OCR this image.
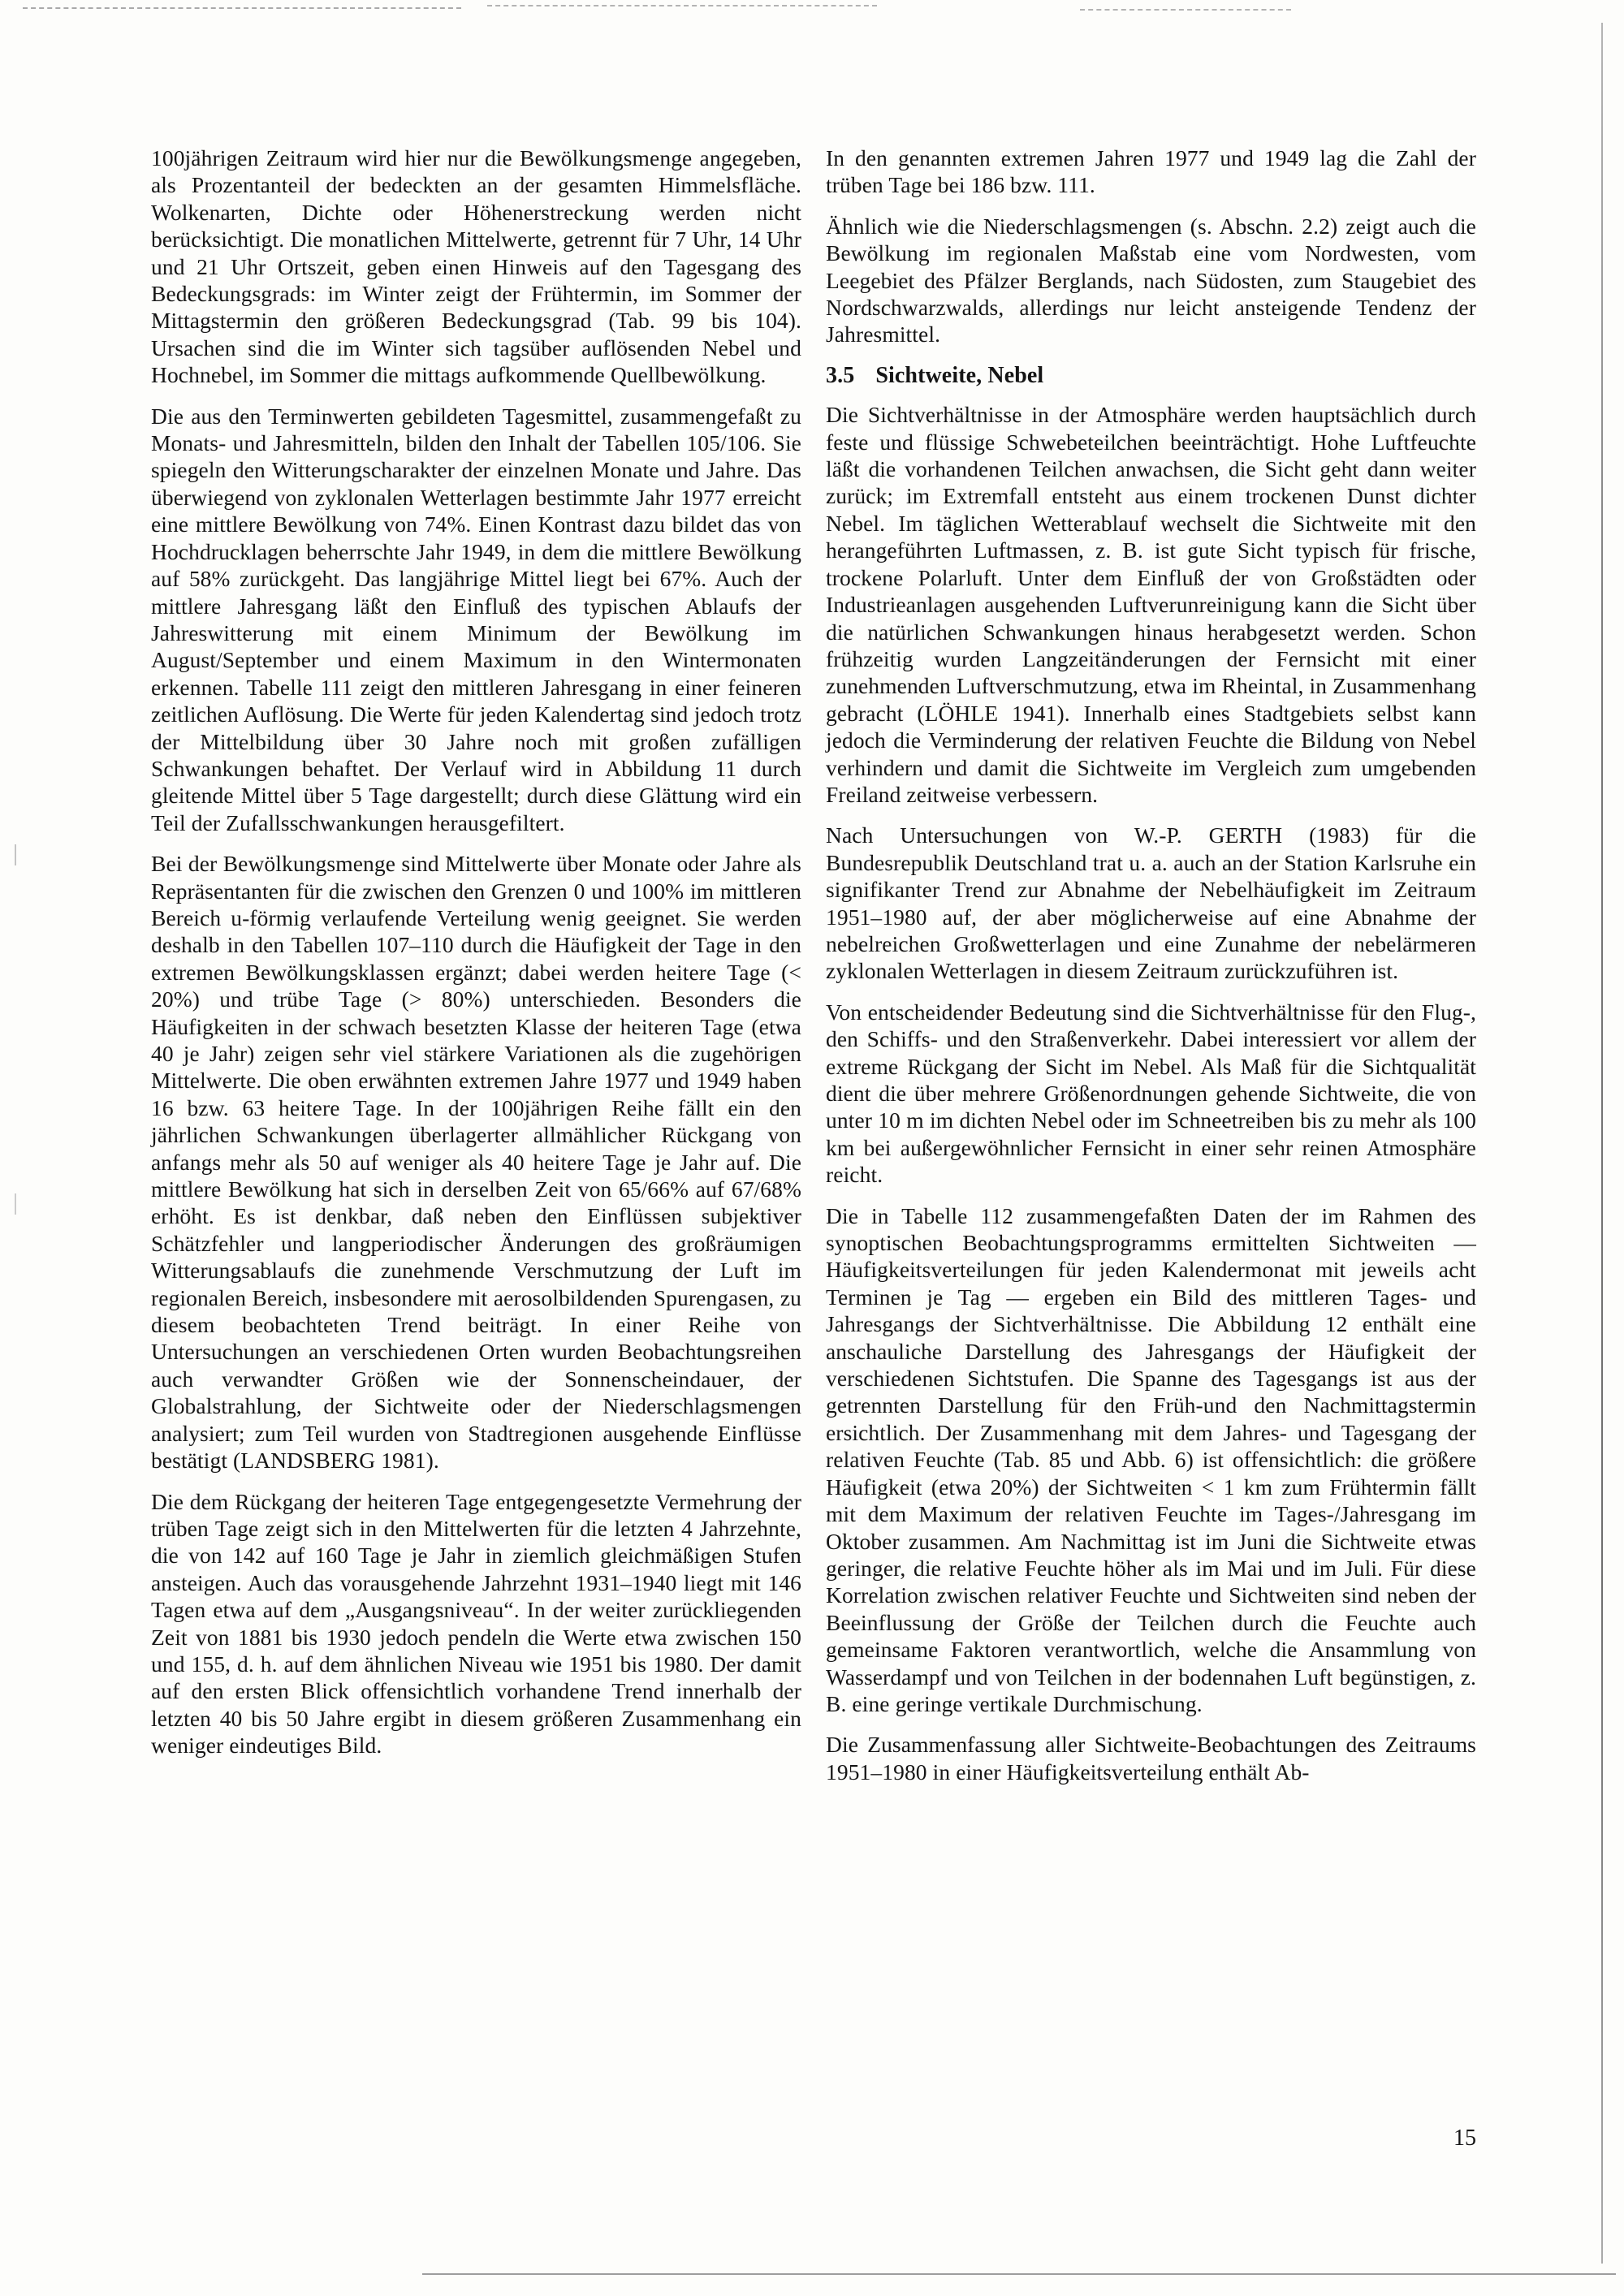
100jährigen Zeitraum wird hier nur die Bewölkungsmenge angegeben, als Prozentanteil der bedeckten an der gesamten Himmelsfläche. Wolkenarten, Dichte oder Höhenerstreckung werden nicht berücksichtigt. Die monatlichen Mittelwerte, getrennt für 7 Uhr, 14 Uhr und 21 Uhr Ortszeit, geben einen Hinweis auf den Tagesgang des Bedeckungsgrads: im Winter zeigt der Frühtermin, im Sommer der Mittagstermin den größeren Bedeckungsgrad (Tab. 99 bis 104). Ursachen sind die im Winter sich tagsüber auflösenden Nebel und Hochnebel, im Sommer die mittags aufkommende Quellbewölkung.

Die aus den Terminwerten gebildeten Tagesmittel, zusammengefaßt zu Monats- und Jahresmitteln, bilden den Inhalt der Tabellen 105/106. Sie spiegeln den Witterungscharakter der einzelnen Monate und Jahre. Das überwiegend von zyklonalen Wetterlagen bestimmte Jahr 1977 erreicht eine mittlere Bewölkung von 74%. Einen Kontrast dazu bildet das von Hochdrucklagen beherrschte Jahr 1949, in dem die mittlere Bewölkung auf 58% zurückgeht. Das langjährige Mittel liegt bei 67%. Auch der mittlere Jahresgang läßt den Einfluß des typischen Ablaufs der Jahreswitterung mit einem Minimum der Bewölkung im August/September und einem Maximum in den Wintermonaten erkennen. Tabelle 111 zeigt den mittleren Jahresgang in einer feineren zeitlichen Auflösung. Die Werte für jeden Kalendertag sind jedoch trotz der Mittelbildung über 30 Jahre noch mit großen zufälligen Schwankungen behaftet. Der Verlauf wird in Abbildung 11 durch gleitende Mittel über 5 Tage dargestellt; durch diese Glättung wird ein Teil der Zufallsschwankungen herausgefiltert.

Bei der Bewölkungsmenge sind Mittelwerte über Monate oder Jahre als Repräsentanten für die zwischen den Grenzen 0 und 100% im mittleren Bereich u-förmig verlaufende Verteilung wenig geeignet. Sie werden deshalb in den Tabellen 107–110 durch die Häufigkeit der Tage in den extremen Bewölkungsklassen ergänzt; dabei werden heitere Tage (< 20%) und trübe Tage (> 80%) unterschieden. Besonders die Häufigkeiten in der schwach besetzten Klasse der heiteren Tage (etwa 40 je Jahr) zeigen sehr viel stärkere Variationen als die zugehörigen Mittelwerte. Die oben erwähnten extremen Jahre 1977 und 1949 haben 16 bzw. 63 heitere Tage. In der 100jährigen Reihe fällt ein den jährlichen Schwankungen überlagerter allmählicher Rückgang von anfangs mehr als 50 auf weniger als 40 heitere Tage je Jahr auf. Die mittlere Bewölkung hat sich in derselben Zeit von 65/66% auf 67/68% erhöht. Es ist denkbar, daß neben den Einflüssen subjektiver Schätzfehler und langperiodischer Änderungen des großräumigen Witterungsablaufs die zunehmende Verschmutzung der Luft im regionalen Bereich, insbesondere mit aerosolbildenden Spurengasen, zu diesem beobachteten Trend beiträgt. In einer Reihe von Untersuchungen an verschiedenen Orten wurden Beobachtungsreihen auch verwandter Größen wie der Sonnenscheindauer, der Globalstrahlung, der Sichtweite oder der Niederschlagsmengen analysiert; zum Teil wurden von Stadtregionen ausgehende Einflüsse bestätigt (LANDSBERG 1981).

Die dem Rückgang der heiteren Tage entgegengesetzte Vermehrung der trüben Tage zeigt sich in den Mittelwerten für die letzten 4 Jahrzehnte, die von 142 auf 160 Tage je Jahr in ziemlich gleichmäßigen Stufen ansteigen. Auch das vorausgehende Jahrzehnt 1931–1940 liegt mit 146 Tagen etwa auf dem „Ausgangsniveau“. In der weiter zurückliegenden Zeit von 1881 bis 1930 jedoch pendeln die Werte etwa zwischen 150 und 155, d. h. auf dem ähnlichen Niveau wie 1951 bis 1980. Der damit auf den ersten Blick offensichtlich vorhandene Trend innerhalb der letzten 40 bis 50 Jahre ergibt in diesem größeren Zusammenhang ein weniger eindeutiges Bild.

In den genannten extremen Jahren 1977 und 1949 lag die Zahl der trüben Tage bei 186 bzw. 111.

Ähnlich wie die Niederschlagsmengen (s. Abschn. 2.2) zeigt auch die Bewölkung im regionalen Maßstab eine vom Nordwesten, vom Leegebiet des Pfälzer Berglands, nach Südosten, zum Staugebiet des Nordschwarzwalds, allerdings nur leicht ansteigende Tendenz der Jahresmittel.

3.5 Sichtweite, Nebel

Die Sichtverhältnisse in der Atmosphäre werden hauptsächlich durch feste und flüssige Schwebeteilchen beeinträchtigt. Hohe Luftfeuchte läßt die vorhandenen Teilchen anwachsen, die Sicht geht dann weiter zurück; im Extremfall entsteht aus einem trockenen Dunst dichter Nebel. Im täglichen Wetterablauf wechselt die Sichtweite mit den herangeführten Luftmassen, z. B. ist gute Sicht typisch für frische, trockene Polarluft. Unter dem Einfluß der von Großstädten oder Industrieanlagen ausgehenden Luftverunreinigung kann die Sicht über die natürlichen Schwankungen hinaus herabgesetzt werden. Schon frühzeitig wurden Langzeitänderungen der Fernsicht mit einer zunehmenden Luftverschmutzung, etwa im Rheintal, in Zusammenhang gebracht (LÖHLE 1941). Innerhalb eines Stadtgebiets selbst kann jedoch die Verminderung der relativen Feuchte die Bildung von Nebel verhindern und damit die Sichtweite im Vergleich zum umgebenden Freiland zeitweise verbessern.

Nach Untersuchungen von W.-P. GERTH (1983) für die Bundesrepublik Deutschland trat u. a. auch an der Station Karlsruhe ein signifikanter Trend zur Abnahme der Nebelhäufigkeit im Zeitraum 1951–1980 auf, der aber möglicherweise auf eine Abnahme der nebelreichen Großwetterlagen und eine Zunahme der nebelärmeren zyklonalen Wetterlagen in diesem Zeitraum zurückzuführen ist.

Von entscheidender Bedeutung sind die Sichtverhältnisse für den Flug-, den Schiffs- und den Straßenverkehr. Dabei interessiert vor allem der extreme Rückgang der Sicht im Nebel. Als Maß für die Sichtqualität dient die über mehrere Größenordnungen gehende Sichtweite, die von unter 10 m im dichten Nebel oder im Schneetreiben bis zu mehr als 100 km bei außergewöhnlicher Fernsicht in einer sehr reinen Atmosphäre reicht.

Die in Tabelle 112 zusammengefaßten Daten der im Rahmen des synoptischen Beobachtungsprogramms ermittelten Sichtweiten — Häufigkeitsverteilungen für jeden Kalendermonat mit jeweils acht Terminen je Tag — ergeben ein Bild des mittleren Tages- und Jahresgangs der Sichtverhältnisse. Die Abbildung 12 enthält eine anschauliche Darstellung des Jahresgangs der Häufigkeit der verschiedenen Sichtstufen. Die Spanne des Tagesgangs ist aus der getrennten Darstellung für den Früh-und den Nachmittagstermin ersichtlich. Der Zusammenhang mit dem Jahres- und Tagesgang der relativen Feuchte (Tab. 85 und Abb. 6) ist offensichtlich: die größere Häufigkeit (etwa 20%) der Sichtweiten < 1 km zum Frühtermin fällt mit dem Maximum der relativen Feuchte im Tages-/Jahresgang im Oktober zusammen. Am Nachmittag ist im Juni die Sichtweite etwas geringer, die relative Feuchte höher als im Mai und im Juli. Für diese Korrelation zwischen relativer Feuchte und Sichtweiten sind neben der Beeinflussung der Größe der Teilchen durch die Feuchte auch gemeinsame Faktoren verantwortlich, welche die Ansammlung von Wasserdampf und von Teilchen in der bodennahen Luft begünstigen, z. B. eine geringe vertikale Durchmischung.

Die Zusammenfassung aller Sichtweite-Beobachtungen des Zeitraums 1951–1980 in einer Häufigkeitsverteilung enthält Ab-

15
